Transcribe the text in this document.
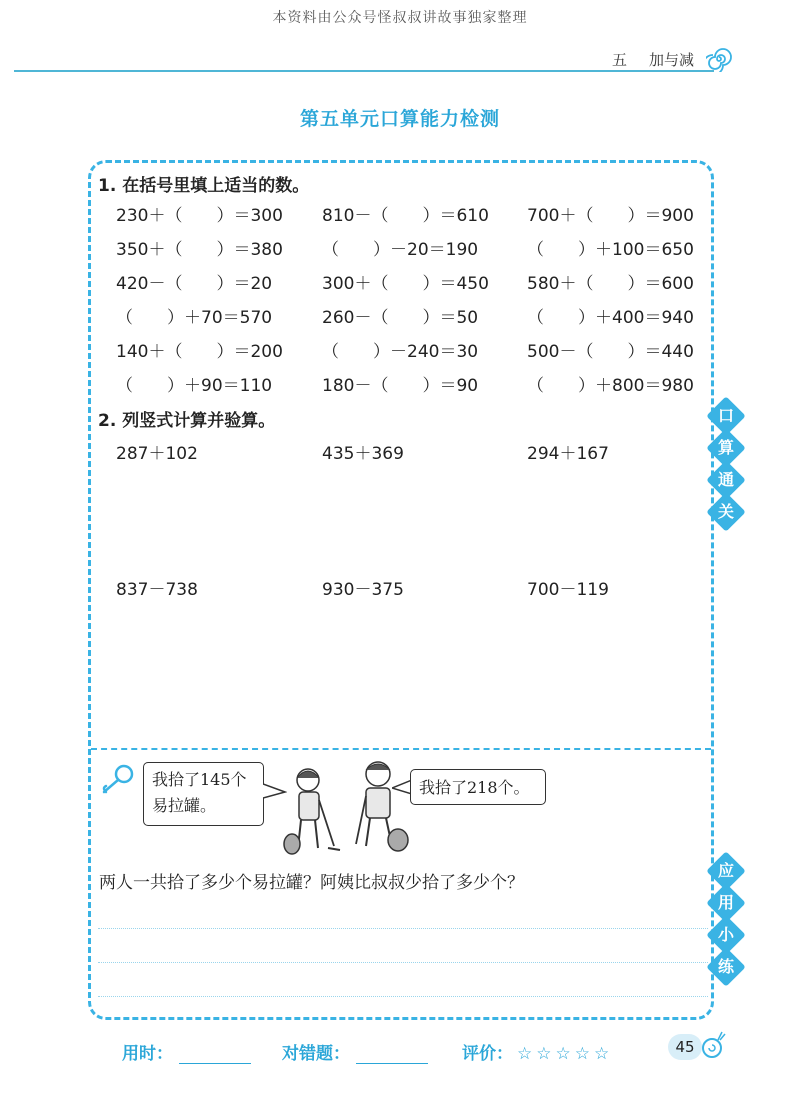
本资料由公众号怪叔叔讲故事独家整理
五 加与减
第五单元口算能力检测
1. 在括号里填上适当的数。
230＋（　　）＝300 810－（　　）＝610 700＋（　　）＝900
350＋（　　）＝380 （　　）－20＝190	（　　）＋100＝650
420－（　　）＝20	300＋（　　）＝450 580＋（　　）＝600
（　　）＋70＝570	260－（　　）＝50	（　　）＋400＝940
140＋（　　）＝200 （　　）－240＝30	500－（　　）＝440
（　　）＋90＝110	180－（　　）＝90	（　　）＋800＝980
2. 列竖式计算并验算。
287＋102	435＋369	294＋167
837－738	930－375	700－119
口
算
通
关
应
用
小
练
我拾了145个
易拉罐。
我拾了218个。
两人一共拾了多少个易拉罐？阿姨比叔叔少拾了多少个？
用时：	对错题：	评价： ☆☆☆☆☆	45
